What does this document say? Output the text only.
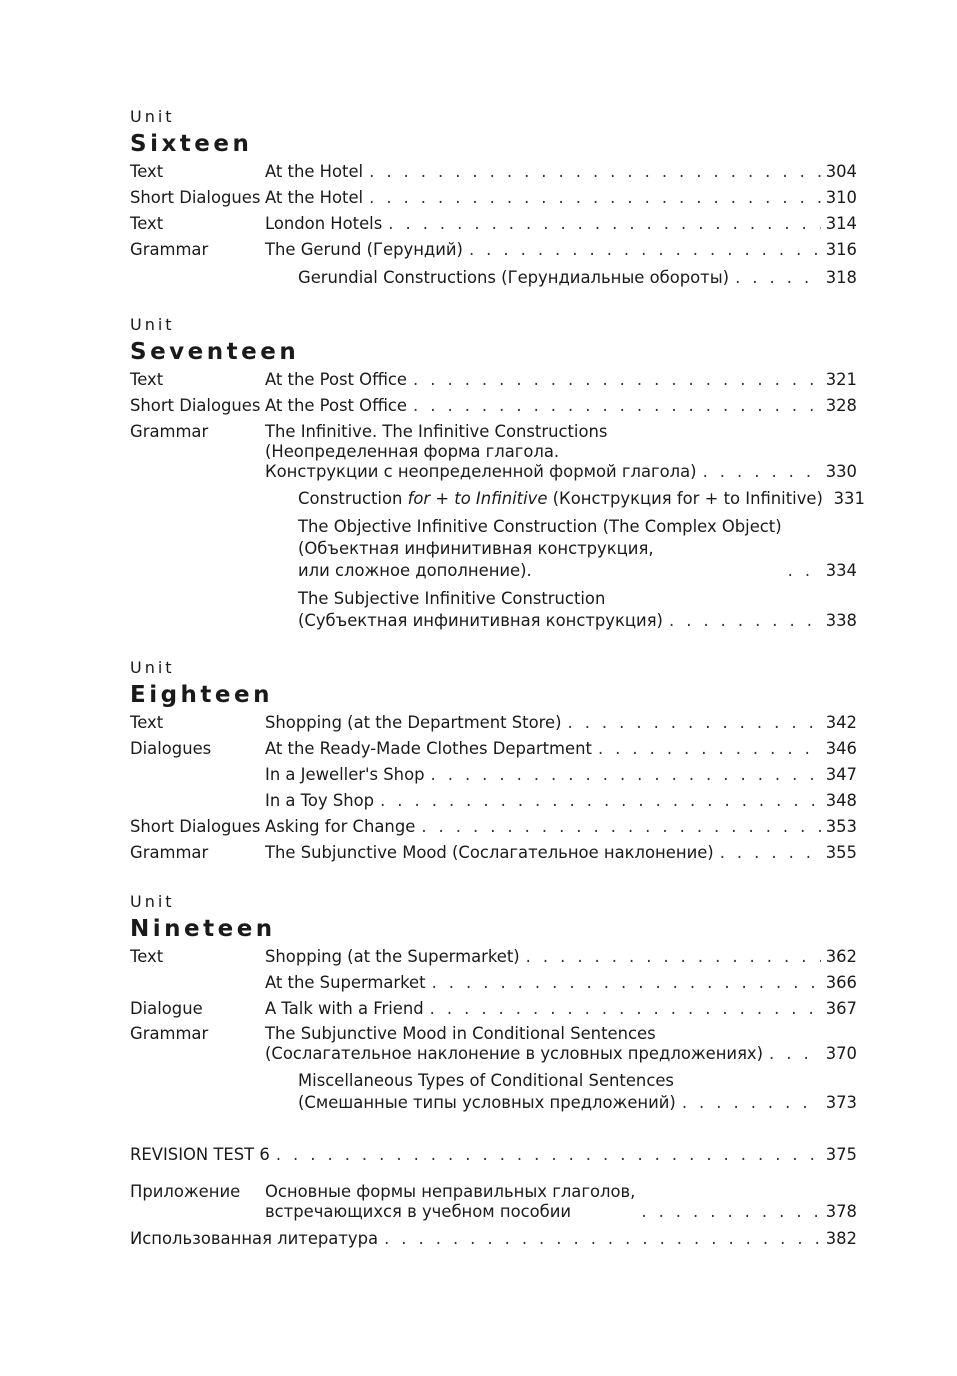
Unit
Sixteen
Text	At the Hotel . . .	304
Short Dialogues At the Hotel . . .	310
Text	London Hotels . . .	314
Grammar	The Gerund (Герундий) . . .	316
Gerundial Constructions (Герундиальные обороты) . . .	318
Unit
Seventeen
Text	At the Post Office . . .	321
Short Dialogues At the Post Office . . .	328
Grammar	The Infinitive. The Infinitive Constructions
(Неопределенная форма глагола.
Конструкции с неопределенной формой глагола) . . .	330
Construction for + to Infinitive (Конструкция for + to Infinitive) 331
The Objective Infinitive Construction (The Complex Object)
(Объектная инфинитивная конструкция,
или сложное дополнение). . . .	334
The Subjective Infinitive Construction
(Субъектная инфинитивная конструкция) . . .	338
Unit
Eighteen
Text	Shopping (at the Department Store) . . .	342
Dialogues	At the Ready-Made Clothes Department . . .	346
In a Jeweller's Shop . . .	347
In a Toy Shop . . .	348
Short Dialogues Asking for Change . . .	353
Grammar	The Subjunctive Mood (Сослагательное наклонение) . . .	355
Unit
Nineteen
Text	Shopping (at the Supermarket) . . .	362
At the Supermarket . . .	366
Dialogue	A Talk with a Friend . . .	367
Grammar	The Subjunctive Mood in Conditional Sentences
(Сослагательное наклонение в условных предложениях) . . .	370
Miscellaneous Types of Conditional Sentences
(Смешанные типы условных предложений) . . .	373
REVISION TEST 6 . . .	375
Приложение	Основные формы неправильных глаголов,
встречающихся в учебном пособии . . .	378
Использованная литература . . .	382
